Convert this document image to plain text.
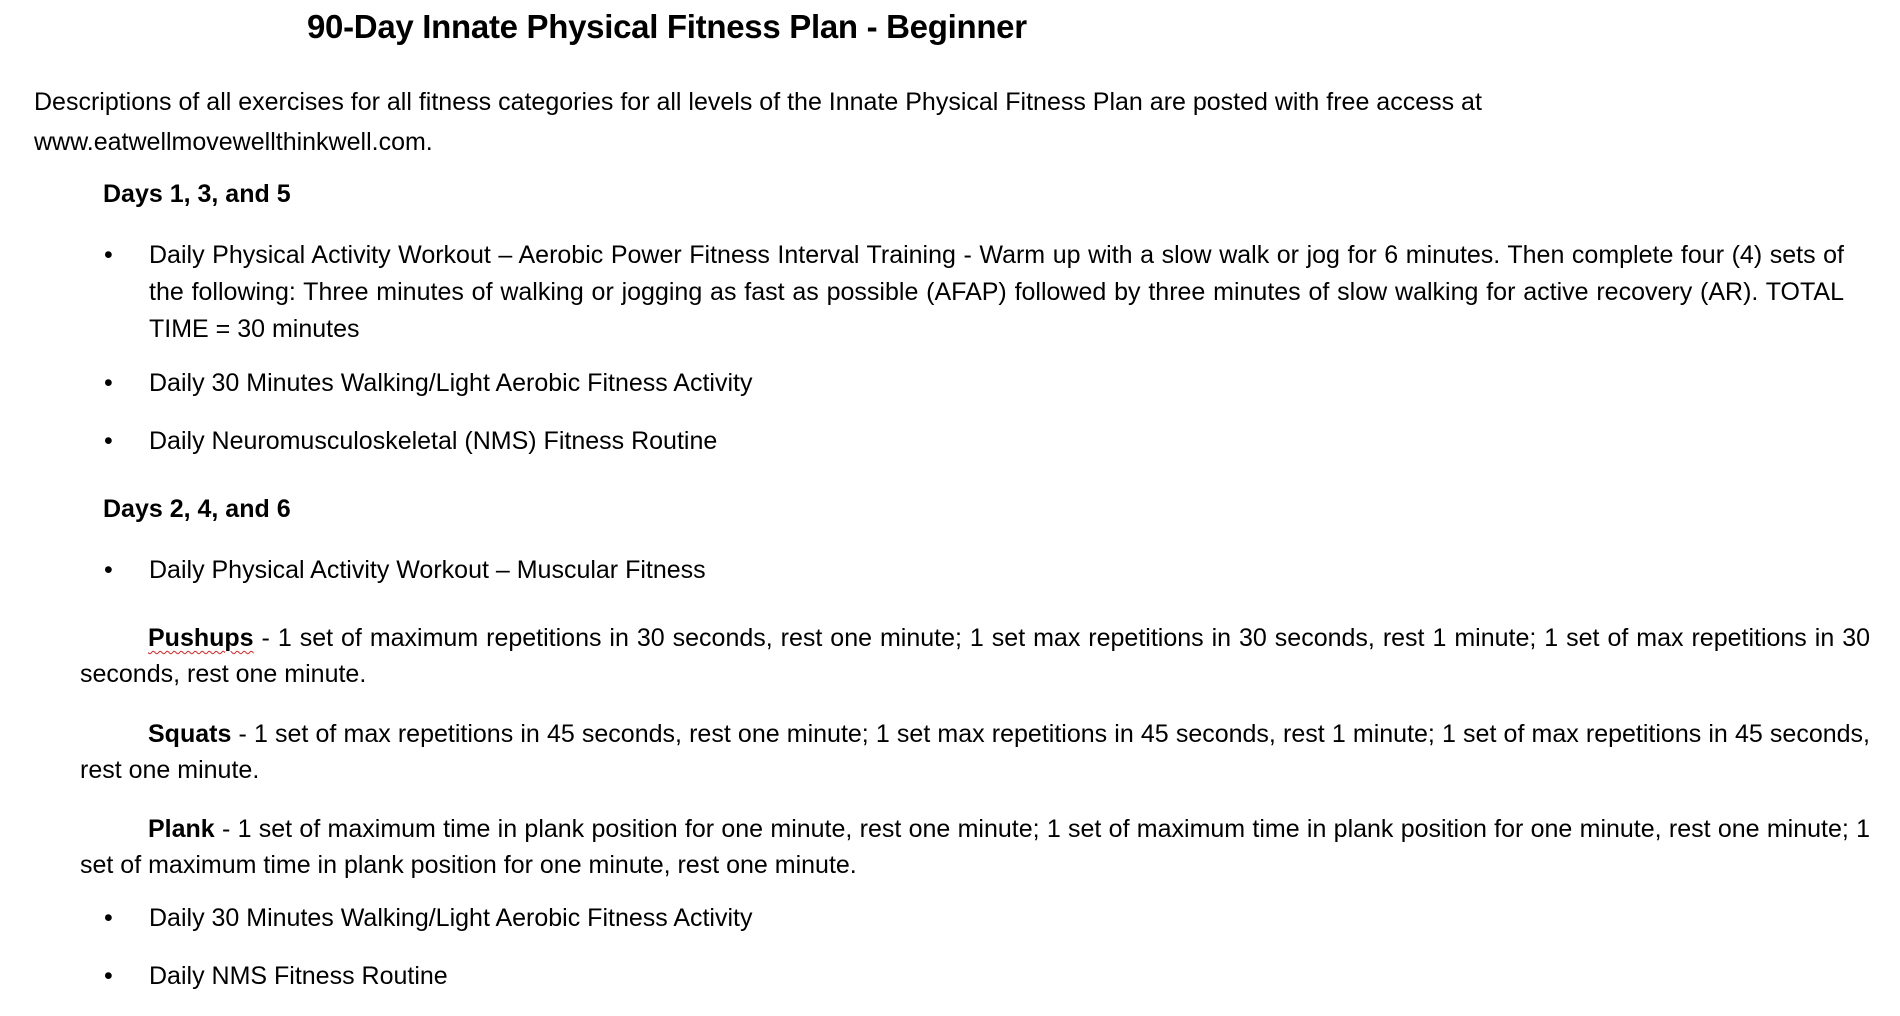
90-Day Innate Physical Fitness Plan - Beginner
Descriptions of all exercises for all fitness categories for all levels of the Innate Physical Fitness Plan are posted with free access at www.eatwellmovewellthinkwell.com.
Days 1, 3, and 5
•	Daily Physical Activity Workout – Aerobic Power Fitness Interval Training - Warm up with a slow walk or jog for 6 minutes. Then complete four (4) sets of the following: Three minutes of walking or jogging as fast as possible (AFAP) followed by three minutes of slow walking for active recovery (AR). TOTAL TIME = 30 minutes
•	Daily 30 Minutes Walking/Light Aerobic Fitness Activity
•	Daily Neuromusculoskeletal (NMS) Fitness Routine
Days 2, 4, and 6
•	Daily Physical Activity Workout – Muscular Fitness
Pushups - 1 set of maximum repetitions in 30 seconds, rest one minute; 1 set max repetitions in 30 seconds, rest 1 minute; 1 set of max repetitions in 30 seconds, rest one minute.
Squats - 1 set of max repetitions in 45 seconds, rest one minute; 1 set max repetitions in 45 seconds, rest 1 minute; 1 set of max repetitions in 45 seconds, rest one minute.
Plank - 1 set of maximum time in plank position for one minute, rest one minute; 1 set of maximum time in plank position for one minute, rest one minute; 1 set of maximum time in plank position for one minute, rest one minute.
•	Daily 30 Minutes Walking/Light Aerobic Fitness Activity
•	Daily NMS Fitness Routine
